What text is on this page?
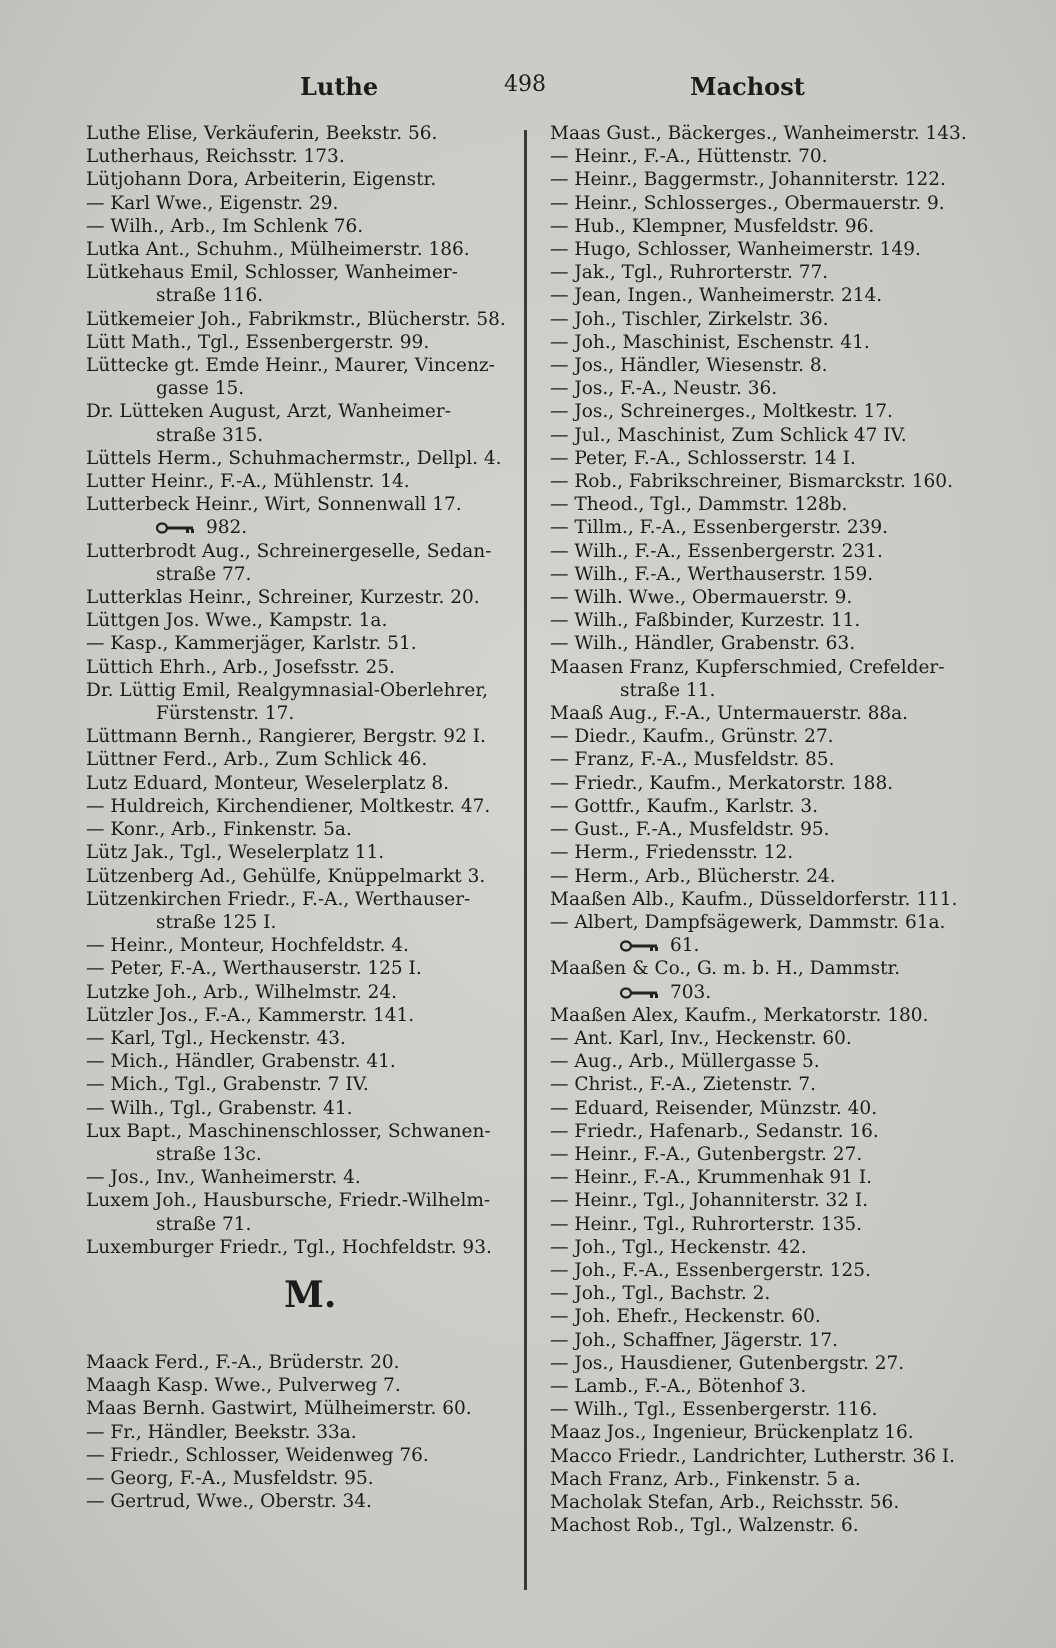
Luthe	498	Machost
Luthe Elise, Verkäuferin, Beekstr. 56.
Lutherhaus, Reichsstr. 173.
Lütjohann Dora, Arbeiterin, Eigenstr.
— Karl Wwe., Eigenstr. 29.
— Wilh., Arb., Im Schlenk 76.
Lutka Ant., Schuhm., Mülheimerstr. 186.
Lütkehaus Emil, Schlosser, Wanheimer-
straße 116.
Lütkemeier Joh., Fabrikmstr., Blücherstr. 58.
Lütt Math., Tgl., Essenbergerstr. 99.
Lüttecke gt. Emde Heinr., Maurer, Vincenz-
gasse 15.
Dr. Lütteken August, Arzt, Wanheimer-
straße 315.
Lüttels Herm., Schuhmachermstr., Dellpl. 4.
Lutter Heinr., F.-A., Mühlenstr. 14.
Lutterbeck Heinr., Wirt, Sonnenwall 17.
982.
Lutterbrodt Aug., Schreinergeselle, Sedan-
straße 77.
Lutterklas Heinr., Schreiner, Kurzestr. 20.
Lüttgen Jos. Wwe., Kampstr. 1a.
— Kasp., Kammerjäger, Karlstr. 51.
Lüttich Ehrh., Arb., Josefsstr. 25.
Dr. Lüttig Emil, Realgymnasial-Oberlehrer,
Fürstenstr. 17.
Lüttmann Bernh., Rangierer, Bergstr. 92 I.
Lüttner Ferd., Arb., Zum Schlick 46.
Lutz Eduard, Monteur, Weselerplatz 8.
— Huldreich, Kirchendiener, Moltkestr. 47.
— Konr., Arb., Finkenstr. 5a.
Lütz Jak., Tgl., Weselerplatz 11.
Lützenberg Ad., Gehülfe, Knüppelmarkt 3.
Lützenkirchen Friedr., F.-A., Werthauser-
straße 125 I.
— Heinr., Monteur, Hochfeldstr. 4.
— Peter, F.-A., Werthauserstr. 125 I.
Lutzke Joh., Arb., Wilhelmstr. 24.
Lützler Jos., F.-A., Kammerstr. 141.
— Karl, Tgl., Heckenstr. 43.
— Mich., Händler, Grabenstr. 41.
— Mich., Tgl., Grabenstr. 7 IV.
— Wilh., Tgl., Grabenstr. 41.
Lux Bapt., Maschinenschlosser, Schwanen-
straße 13c.
— Jos., Inv., Wanheimerstr. 4.
Luxem Joh., Hausbursche, Friedr.-Wilhelm-
straße 71.
Luxemburger Friedr., Tgl., Hochfeldstr. 93.
M.
Maack Ferd., F.-A., Brüderstr. 20.
Maagh Kasp. Wwe., Pulverweg 7.
Maas Bernh. Gastwirt, Mülheimerstr. 60.
— Fr., Händler, Beekstr. 33a.
— Friedr., Schlosser, Weidenweg 76.
— Georg, F.-A., Musfeldstr. 95.
— Gertrud, Wwe., Oberstr. 34.
Maas Gust., Bäckerges., Wanheimerstr. 143.
— Heinr., F.-A., Hüttenstr. 70.
— Heinr., Baggermstr., Johanniterstr. 122.
— Heinr., Schlosserges., Obermauerstr. 9.
— Hub., Klempner, Musfeldstr. 96.
— Hugo, Schlosser, Wanheimerstr. 149.
— Jak., Tgl., Ruhrorterstr. 77.
— Jean, Ingen., Wanheimerstr. 214.
— Joh., Tischler, Zirkelstr. 36.
— Joh., Maschinist, Eschenstr. 41.
— Jos., Händler, Wiesenstr. 8.
— Jos., F.-A., Neustr. 36.
— Jos., Schreinerges., Moltkestr. 17.
— Jul., Maschinist, Zum Schlick 47 IV.
— Peter, F.-A., Schlosserstr. 14 I.
— Rob., Fabrikschreiner, Bismarckstr. 160.
— Theod., Tgl., Dammstr. 128b.
— Tillm., F.-A., Essenbergerstr. 239.
— Wilh., F.-A., Essenbergerstr. 231.
— Wilh., F.-A., Werthauserstr. 159.
— Wilh. Wwe., Obermauerstr. 9.
— Wilh., Faßbinder, Kurzestr. 11.
— Wilh., Händler, Grabenstr. 63.
Maasen Franz, Kupferschmied, Crefelder-
straße 11.
Maaß Aug., F.-A., Untermauerstr. 88a.
— Diedr., Kaufm., Grünstr. 27.
— Franz, F.-A., Musfeldstr. 85.
— Friedr., Kaufm., Merkatorstr. 188.
— Gottfr., Kaufm., Karlstr. 3.
— Gust., F.-A., Musfeldstr. 95.
— Herm., Friedensstr. 12.
— Herm., Arb., Blücherstr. 24.
Maaßen Alb., Kaufm., Düsseldorferstr. 111.
— Albert, Dampfsägewerk, Dammstr. 61a.
61.
Maaßen & Co., G. m. b. H., Dammstr.
703.
Maaßen Alex, Kaufm., Merkatorstr. 180.
— Ant. Karl, Inv., Heckenstr. 60.
— Aug., Arb., Müllergasse 5.
— Christ., F.-A., Zietenstr. 7.
— Eduard, Reisender, Münzstr. 40.
— Friedr., Hafenarb., Sedanstr. 16.
— Heinr., F.-A., Gutenbergstr. 27.
— Heinr., F.-A., Krummenhak 91 I.
— Heinr., Tgl., Johanniterstr. 32 I.
— Heinr., Tgl., Ruhrorterstr. 135.
— Joh., Tgl., Heckenstr. 42.
— Joh., F.-A., Essenbergerstr. 125.
— Joh., Tgl., Bachstr. 2.
— Joh. Ehefr., Heckenstr. 60.
— Joh., Schaffner, Jägerstr. 17.
— Jos., Hausdiener, Gutenbergstr. 27.
— Lamb., F.-A., Bötenhof 3.
— Wilh., Tgl., Essenbergerstr. 116.
Maaz Jos., Ingenieur, Brückenplatz 16.
Macco Friedr., Landrichter, Lutherstr. 36 I.
Mach Franz, Arb., Finkenstr. 5 a.
Macholak Stefan, Arb., Reichsstr. 56.
Machost Rob., Tgl., Walzenstr. 6.
